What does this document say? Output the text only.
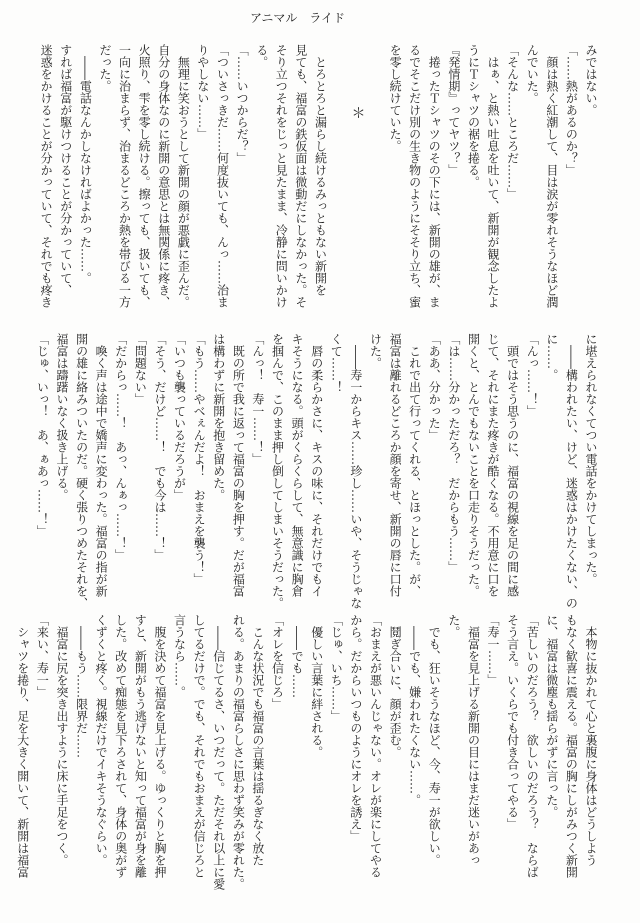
アニマル　ライド
みではない。
「……熱があるのか？」
顔は熱く紅潮して、目は涙が零れそうなほど潤
んでいた。
「そんな……ところだ……」
はぁ、と熱い吐息を吐いて、新開が観念したよ
うにＴシャツの裾を捲る。
『発情期』ってヤツ？」
捲ったＴシャツのその下には、新開の雄が、ま
るでそこだけ別の生き物のようにそそり立ち、蜜
を零し続けていた。
＊
とろとろと漏らし続けるみっともない新開を
見ても、福富の鉄仮面は微動だにしなかった。そ
そり立つそれをじっと見たまま、冷静に問いかけ
る。
「……いつからだ？」
「ついさっきだ……何度抜いても、んっ……治ま
りやしない……」
無理に笑おうとして新開の顔が悪戯に歪んだ。
自分の身体なのに新開の意思とは無関係に疼き、
火照り、雫を零し続ける。擦っても、扱いても、
一向に治まらず、治まるどころか熱を帯びる一方
だった。
――電話なんかしなければよかった……。
すれば福富が駆けつけることが分かっていて、
迷惑をかけることが分かっていて、それでも疼き
に堪えられなくてつい電話をかけてしまった。
――構われたい、けど、迷惑はかけたくない、の
に……。
「んっ……！」
頭ではそう思うのに、福富の視線を足の間に感
じて、それにまた疼きが酷くなる。不用意に口を
開くと、とんでもないことを口走りそうだった。
「は……分かっただろ？　だからもう……」
「ああ、分かった」
これで出て行ってくれる、とほっとした。が、
福富は離れるどころか顔を寄せ、新開の唇に口付
けた。
――寿一からキス……珍し……いや、そうじゃな
くて……！
唇の柔らかさに、キスの味に、それだけでもイ
キそうになる。頭がくらくらして、無意識に胸倉
を掴んで、このまま押し倒してしまいそうだった。
「んっ！　寿一……！」
既の所で我に返って福富の胸を押す。だが福富
は構わずに新開を抱き留めた。
「もう……やべぇんだよ！　おまえを襲う！」
「いつも襲っているだろうが」
「そう、だけど……！　でも今は……！」
「問題ない」
「だからっ……！　あっ、んぁっ……！」
喚く声は途中で嬌声に変わった。福富の指が新
開の雄に絡みついたのだ。硬く張りつめたそれを、
福富は躊躇いなく扱き上げる。
「じゅ、いっ！　あ、ぁあっ……！」
本物に抜かれて心と裏腹に身体はどうしよう
もなく歓喜に震える。福富の胸にしがみつく新開
に、福富は微塵も揺らがずに言った。
「苦しいのだろう？　欲しいのだろう？　ならば
そう言え。いくらでも付き合ってやる」
「寿一……」
福富を見上げる新開の目にはまだ迷いがあっ
た。
でも、狂いそうなほど、今、寿一が欲しい。
――でも、嫌われたくない……。
鬩ぎ合いに、顔が歪む。
「おまえが悪いんじゃない。オレが楽にしてやる
から。だからいつものようにオレを誘え」
「じゅ、いち……」
優しい言葉に絆される。
――でも……
「オレを信じろ」
こんな状況でも福富の言葉は揺るぎなく放た
れる。あまりの福富らしさに思わず笑みが零れた。
――信じてるさ、いつだって。ただそれ以上に愛
してるだけで。でも、それでもおまえが信じろと
言うなら……。
腹を決めて福富を見上げる。ゆっくりと胸を押
すと、新開がもう逃げないと知って福富が身を離
した。改めて痴態を見下ろされて、身体の奥がず
くずくと疼く。視線だけでイキそうなぐらい。
――もう……限界だ……
福富に尻を突き出すように床に手足をつく。
「来い、寿一」
シャツを捲り、足を大きく開いて、新開は福富
